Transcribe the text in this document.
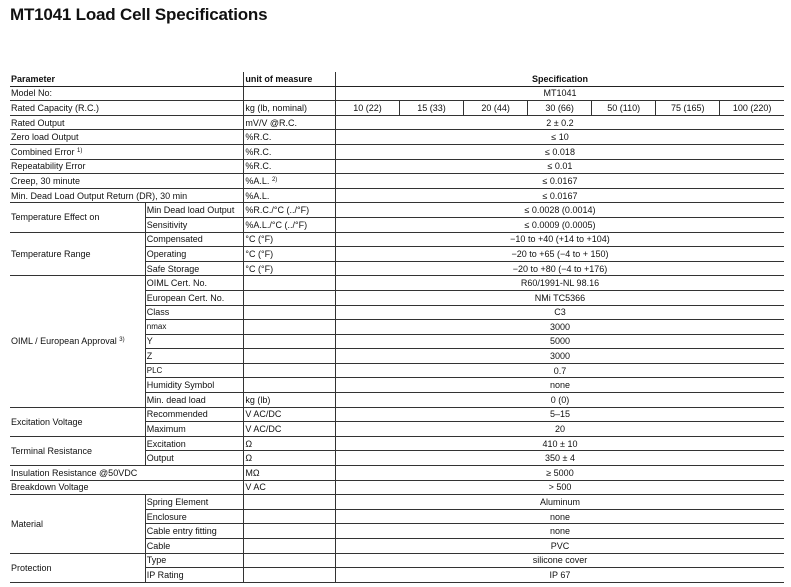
MT1041 Load Cell Specifications
Parameter		unit of measure	Specification						
Model No:			MT1041						
Rated Capacity (R.C.)		kg (lb, nominal)	10 (22)	15 (33)	20 (44)	30 (66)	50 (110)	75 (165)	100 (220)
Rated Output		mV/V @R.C.	2 ± 0.2						
Zero load Output		%R.C.	≤ 10						
Combined Error $^{1)}$		%R.C.	≤ 0.018						
Repeatability Error		%R.C.	≤ 0.01						
Creep, 30 minute		%A.L. $^{2)}$	≤ 0.0167						
Min. Dead Load Output Return (DR), 30 min		%A.L.	≤ 0.0167						
Temperature Effect on	Min Dead load Output	%R.C./°C (../°F)	≤ 0.0028 (0.0014)						
	Sensitivity	%A.L./°C (../°F)	≤ 0.0009 (0.0005)						
Temperature Range	Compensated	°C (°F)	−10 to +40 (+14 to +104)						
	Operating	°C (°F)	−20 to +65 (−4 to + 150)						
	Safe Storage	°C (°F)	−20 to +80 (−4 to +176)						
OIML / European Approval $^{3)}$	OIML Cert. No.		R60/1991-NL 98.16						
	European Cert. No.		NMi TC5366						
	Class		C3						
	nmax		3000						
	Y		5000						
	Z		3000						
	PLC		0.7						
	Humidity Symbol		none						
	Min. dead load	kg (lb)	0 (0)						
Excitation Voltage	Recommended	V AC/DC	5–15						
	Maximum	V AC/DC	20						
Terminal Resistance	Excitation	Ω	410 ± 10						
	Output	Ω	350 ± 4						
Insulation Resistance @50VDC		MΩ	≥ 5000						
Breakdown Voltage		V AC	> 500						
Material	Spring Element		Aluminum						
	Enclosure		none						
	Cable entry fitting		none						
	Cable		PVC						
Protection	Type		silicone cover						
	IP Rating		IP 67						
